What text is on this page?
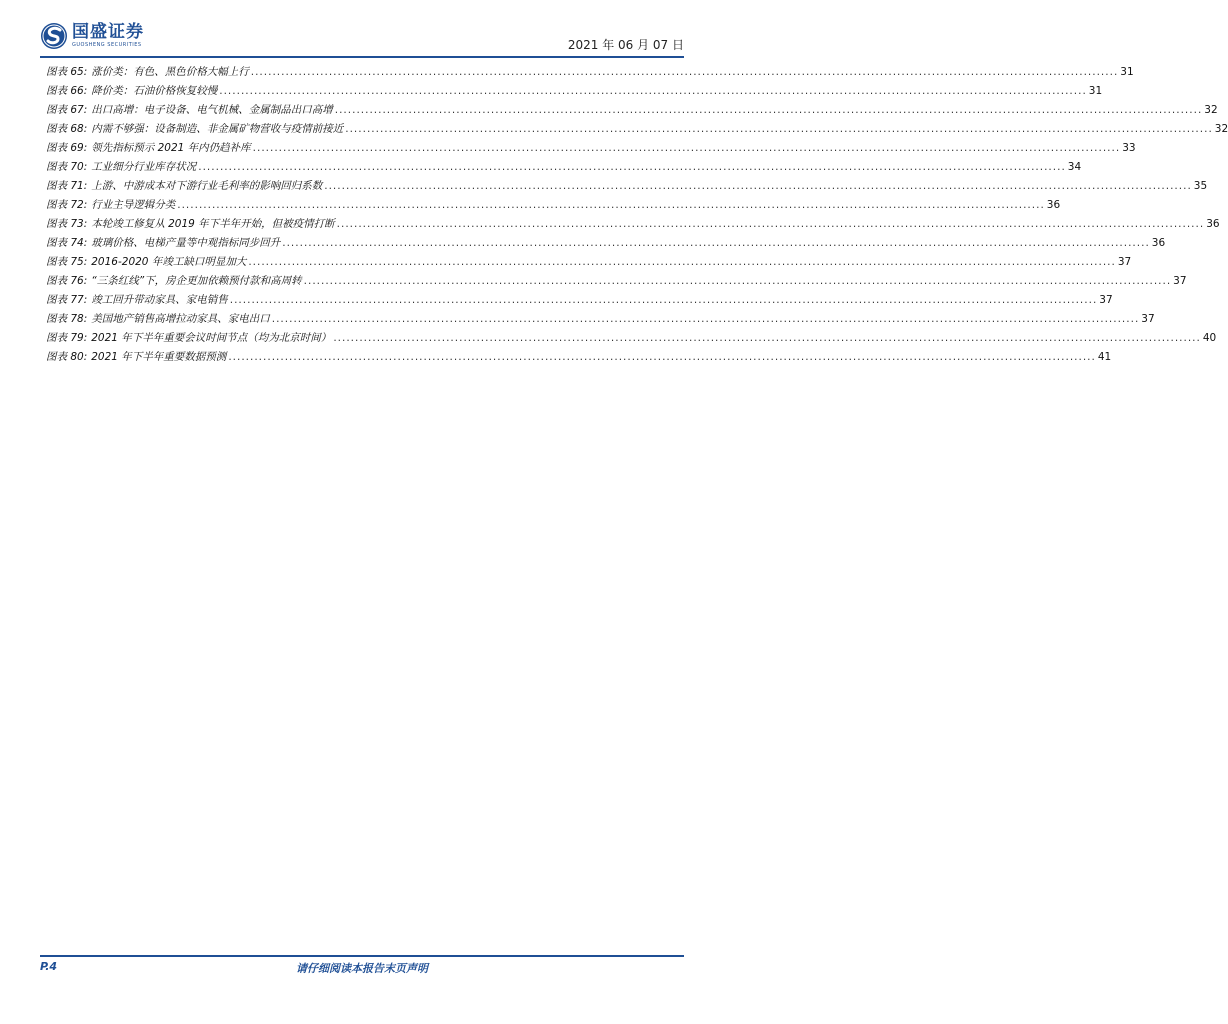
国盛证券
GUOSHENG SECURITIES	2021 年 06 月 07 日
图表 65: 涨价类：有色、黑色价格大幅上行 ........................................................................................................................................................................................................ 31
图表 66: 降价类：石油价格恢复较慢 ........................................................................................................................................................................................................ 31
图表 67: 出口高增：电子设备、电气机械、金属制品出口高增 ........................................................................................................................................................................................................ 32
图表 68: 内需不够强：设备制造、非金属矿物营收与疫情前接近 ........................................................................................................................................................................................................ 32
图表 69: 领先指标预示 2021 年内仍趋补库 ........................................................................................................................................................................................................ 33
图表 70: 工业细分行业库存状况 ........................................................................................................................................................................................................ 34
图表 71: 上游、中游成本对下游行业毛利率的影响回归系数 ........................................................................................................................................................................................................ 35
图表 72: 行业主导逻辑分类 ........................................................................................................................................................................................................ 36
图表 73: 本轮竣工修复从 2019 年下半年开始，但被疫情打断 ........................................................................................................................................................................................................ 36
图表 74: 玻璃价格、电梯产量等中观指标同步回升 ........................................................................................................................................................................................................ 36
图表 75: 2016-2020 年竣工缺口明显加大 ........................................................................................................................................................................................................ 37
图表 76: “三条红线”下，房企更加依赖预付款和高周转 ........................................................................................................................................................................................................ 37
图表 77: 竣工回升带动家具、家电销售 ........................................................................................................................................................................................................ 37
图表 78: 美国地产销售高增拉动家具、家电出口 ........................................................................................................................................................................................................ 37
图表 79: 2021 年下半年重要会议时间节点（均为北京时间） ........................................................................................................................................................................................................ 40
图表 80: 2021 年下半年重要数据预测 ........................................................................................................................................................................................................ 41
请仔细阅读本报告末页声明
P.4
